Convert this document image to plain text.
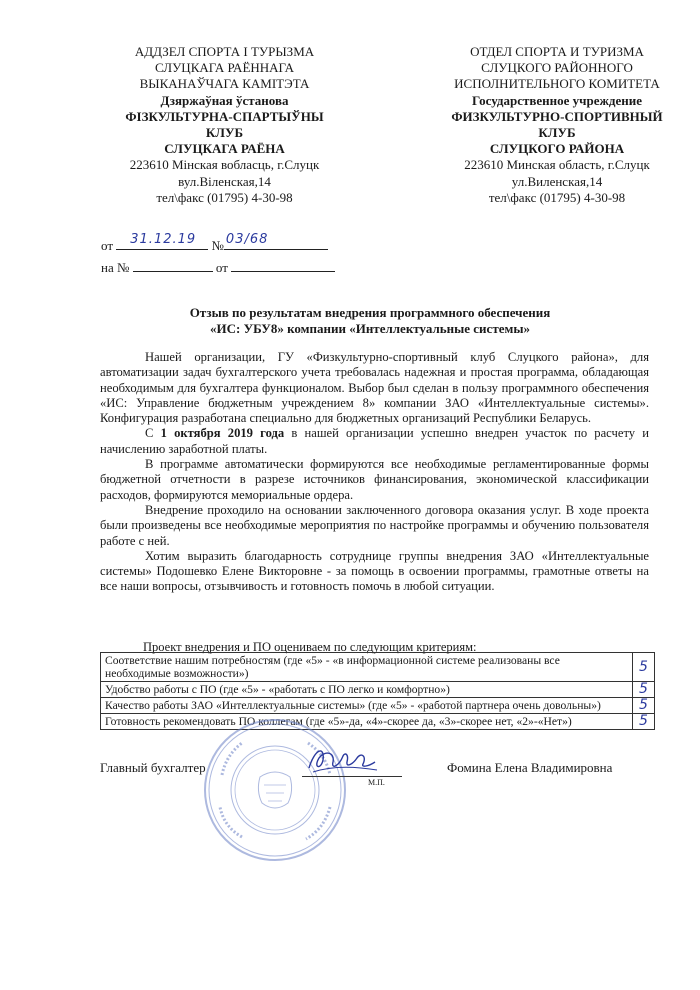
АДДЗЕЛ СПОРТА І ТУРЫЗМА
СЛУЦКАГА РАЁННАГА
ВЫКАНАЎЧАГА КАМІТЭТА
Дзяржаўная ўстанова
ФІЗКУЛЬТУРНА-СПАРТЫЎНЫ
КЛУБ
СЛУЦКАГА РАЁНА
223610 Мінская вобласць, г.Слуцк
вул.Віленская,14
тел\факс (01795) 4-30-98
ОТДЕЛ СПОРТА И ТУРИЗМА
СЛУЦКОГО РАЙОННОГО
ИСПОЛНИТЕЛЬНОГО КОМИТЕТА
Государственное учреждение
ФИЗКУЛЬТУРНО-СПОРТИВНЫЙ
КЛУБ
СЛУЦКОГО РАЙОНА
223610 Минская область, г.Слуцк
ул.Виленская,14
тел\факс (01795) 4-30-98
от 31.12.19 № 03/68
на №	от
Отзыв по результатам внедрения программного обеспечения
«ИС: УБУ8» компании «Интеллектуальные системы»

Нашей организации, ГУ «Физкультурно-спортивный клуб Слуцкого района», для автоматизации задач бухгалтерского учета требовалась надежная и простая программа, обладающая необходимым для бухгалтера функционалом. Выбор был сделан в пользу программного обеспечения «ИС: Управление бюджетным учреждением 8» компании ЗАО «Интеллектуальные системы». Конфигурация разработана специально для бюджетных организаций Республики Беларусь.

С 1 октября 2019 года в нашей организации успешно внедрен участок по расчету и начислению заработной платы.

В программе автоматически формируются все необходимые регламентированные формы бюджетной отчетности в разрезе источников финансирования, экономической классификации расходов, формируются мемориальные ордера.

Внедрение проходило на основании заключенного договора оказания услуг. В ходе проекта были произведены все необходимые мероприятия по настройке программы и обучению пользователя работе с ней.

Хотим выразить благодарность сотруднице группы внедрения ЗАО «Интеллектуальные системы» Подошевко Елене Викторовне - за помощь в освоении программы, грамотные ответы на все наши вопросы, отзывчивость и готовность помочь в любой ситуации.

Проект внедрения и ПО оцениваем по следующим критериям:
Соответствие нашим потребностям (где «5» - «в информационной системе реализованы все необходимые возможности»)	5
Удобство работы с ПО (где «5» - «работать с ПО легко и комфортно»)	5
Качество работы ЗАО «Интеллектуальные системы» (где «5» - «работой партнера очень довольны»)	5
Готовность рекомендовать ПО коллегам (где «5»-да, «4»-скорее да, «3»-скорее нет, «2»-«Нет»)	5
Главный бухгалтер
М.П.
Фомина Елена Владимировна
